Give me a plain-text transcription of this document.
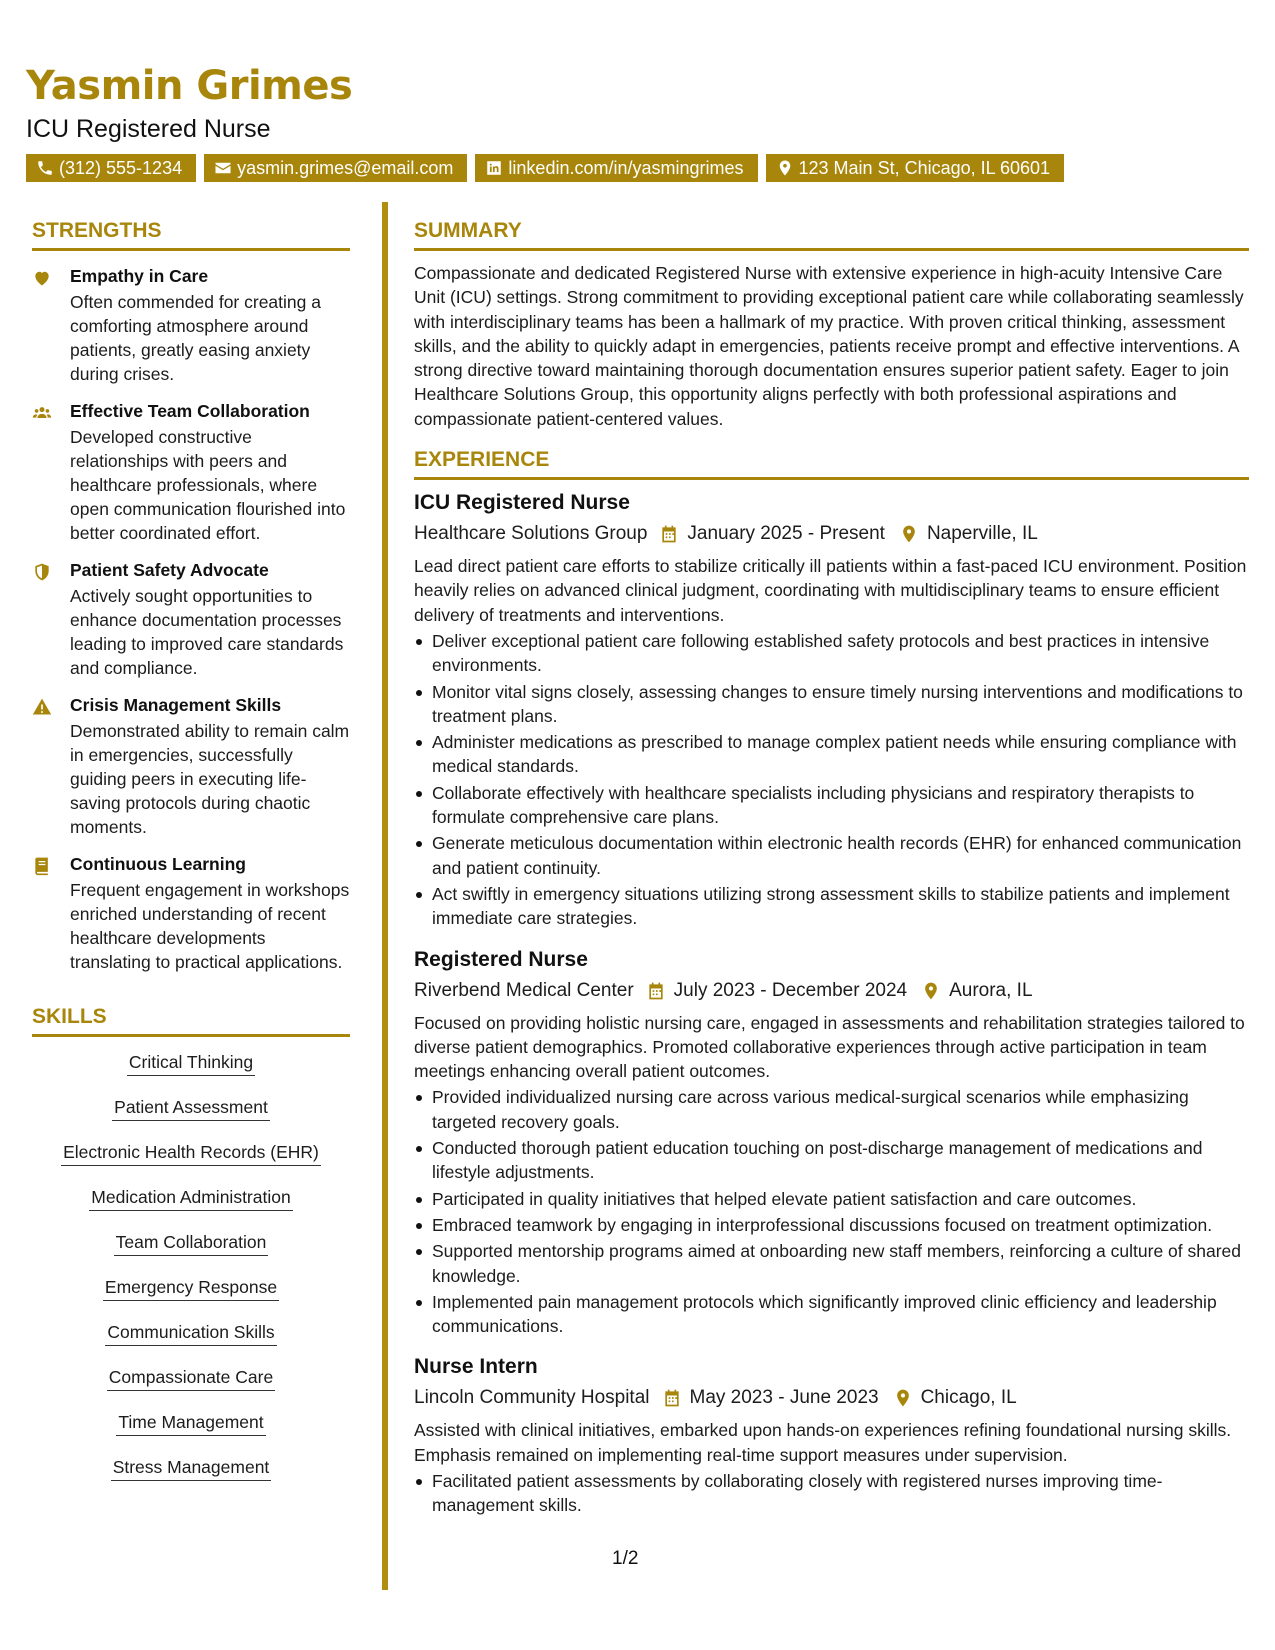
Yasmin Grimes
ICU Registered Nurse
(312) 555-1234	yasmin.grimes@email.com	linkedin.com/in/yasmingrimes	123 Main St, Chicago, IL 60601
STRENGTHS
Empathy in Care
Often commended for creating a comforting atmosphere around patients, greatly easing anxiety during crises.
Effective Team Collaboration
Developed constructive relationships with peers and healthcare professionals, where open communication flourished into better coordinated effort.
Patient Safety Advocate
Actively sought opportunities to enhance documentation processes leading to improved care standards and compliance.
Crisis Management Skills
Demonstrated ability to remain calm in emergencies, successfully guiding peers in executing life-saving protocols during chaotic moments.
Continuous Learning
Frequent engagement in workshops enriched understanding of recent healthcare developments translating to practical applications.
SKILLS
Critical Thinking
Patient Assessment
Electronic Health Records (EHR)
Medication Administration
Team Collaboration
Emergency Response
Communication Skills
Compassionate Care
Time Management
Stress Management
SUMMARY

Compassionate and dedicated Registered Nurse with extensive experience in high-acuity Intensive Care Unit (ICU) settings. Strong commitment to providing exceptional patient care while collaborating seamlessly with interdisciplinary teams has been a hallmark of my practice. With proven critical thinking, assessment skills, and the ability to quickly adapt in emergencies, patients receive prompt and effective interventions. A strong directive toward maintaining thorough documentation ensures superior patient safety. Eager to join Healthcare Solutions Group, this opportunity aligns perfectly with both professional aspirations and compassionate patient-centered values.

EXPERIENCE
ICU Registered Nurse
Healthcare Solutions Group January 2025 - Present Naperville, IL

Lead direct patient care efforts to stabilize critically ill patients within a fast-paced ICU environment. Position heavily relies on advanced clinical judgment, coordinating with multidisciplinary teams to ensure efficient delivery of treatments and interventions.

Deliver exceptional patient care following established safety protocols and best practices in intensive environments.
Monitor vital signs closely, assessing changes to ensure timely nursing interventions and modifications to treatment plans.
Administer medications as prescribed to manage complex patient needs while ensuring compliance with medical standards.
Collaborate effectively with healthcare specialists including physicians and respiratory therapists to formulate comprehensive care plans.
Generate meticulous documentation within electronic health records (EHR) for enhanced communication and patient continuity.
Act swiftly in emergency situations utilizing strong assessment skills to stabilize patients and implement immediate care strategies.
Registered Nurse
Riverbend Medical Center July 2023 - December 2024 Aurora, IL

Focused on providing holistic nursing care, engaged in assessments and rehabilitation strategies tailored to diverse patient demographics. Promoted collaborative experiences through active participation in team meetings enhancing overall patient outcomes.

Provided individualized nursing care across various medical-surgical scenarios while emphasizing targeted recovery goals.
Conducted thorough patient education touching on post-discharge management of medications and lifestyle adjustments.
Participated in quality initiatives that helped elevate patient satisfaction and care outcomes.
Embraced teamwork by engaging in interprofessional discussions focused on treatment optimization.
Supported mentorship programs aimed at onboarding new staff members, reinforcing a culture of shared knowledge.
Implemented pain management protocols which significantly improved clinic efficiency and leadership communications.
Nurse Intern
Lincoln Community Hospital May 2023 - June 2023 Chicago, IL

Assisted with clinical initiatives, embarked upon hands-on experiences refining foundational nursing skills. Emphasis remained on implementing real-time support measures under supervision.

Facilitated patient assessments by collaborating closely with registered nurses improving time-management skills.
1/2
